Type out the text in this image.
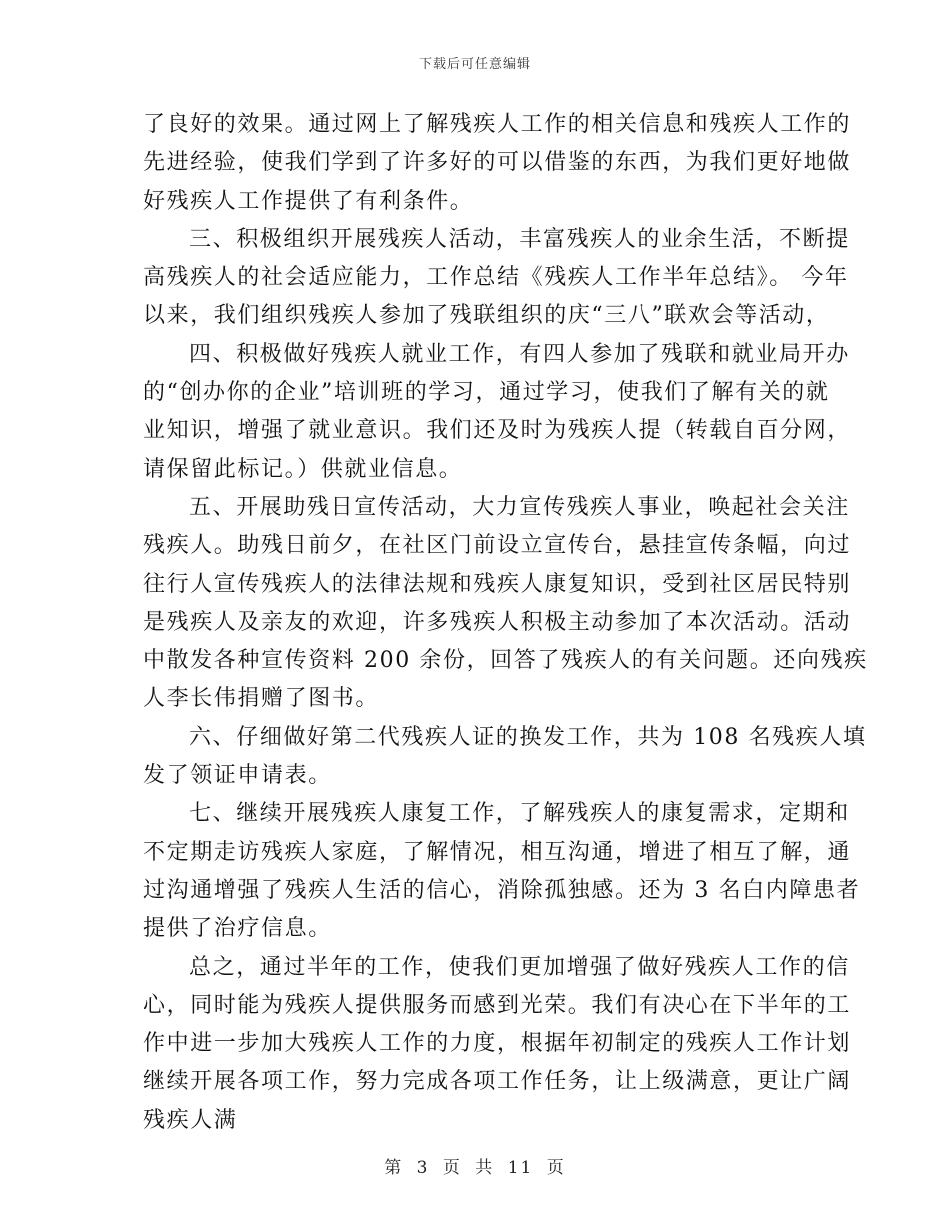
下载后可任意编辑

了良好的效果。通过网上了解残疾人工作的相关信息和残疾人工作的
先进经验，使我们学到了许多好的可以借鉴的东西，为我们更好地做
好残疾人工作提供了有利条件。

三、积极组织开展残疾人活动，丰富残疾人的业余生活，不断提
高残疾人的社会适应能力，工作总结《残疾人工作半年总结》。 今年
以来，我们组织残疾人参加了残联组织的庆“三八”联欢会等活动，

四、积极做好残疾人就业工作，有四人参加了残联和就业局开办
的“创办你的企业”培训班的学习，通过学习，使我们了解有关的就
业知识，增强了就业意识。我们还及时为残疾人提（转载自百分网，
请保留此标记。）供就业信息。

五、开展助残日宣传活动，大力宣传残疾人事业，唤起社会关注
残疾人。助残日前夕，在社区门前设立宣传台，悬挂宣传条幅，向过
往行人宣传残疾人的法律法规和残疾人康复知识，受到社区居民特别
是残疾人及亲友的欢迎，许多残疾人积极主动参加了本次活动。活动
中散发各种宣传资料 200 余份，回答了残疾人的有关问题。还向残疾
人李长伟捐赠了图书。

六、仔细做好第二代残疾人证的换发工作，共为 108 名残疾人填
发了领证申请表。

七、继续开展残疾人康复工作，了解残疾人的康复需求，定期和
不定期走访残疾人家庭，了解情况，相互沟通，增进了相互了解，通
过沟通增强了残疾人生活的信心，消除孤独感。还为 3 名白内障患者
提供了治疗信息。

总之，通过半年的工作，使我们更加增强了做好残疾人工作的信
心，同时能为残疾人提供服务而感到光荣。我们有决心在下半年的工
作中进一步加大残疾人工作的力度，根据年初制定的残疾人工作计划
继续开展各项工作，努力完成各项工作任务，让上级满意，更让广阔
残疾人满

第 3 页 共 11 页
